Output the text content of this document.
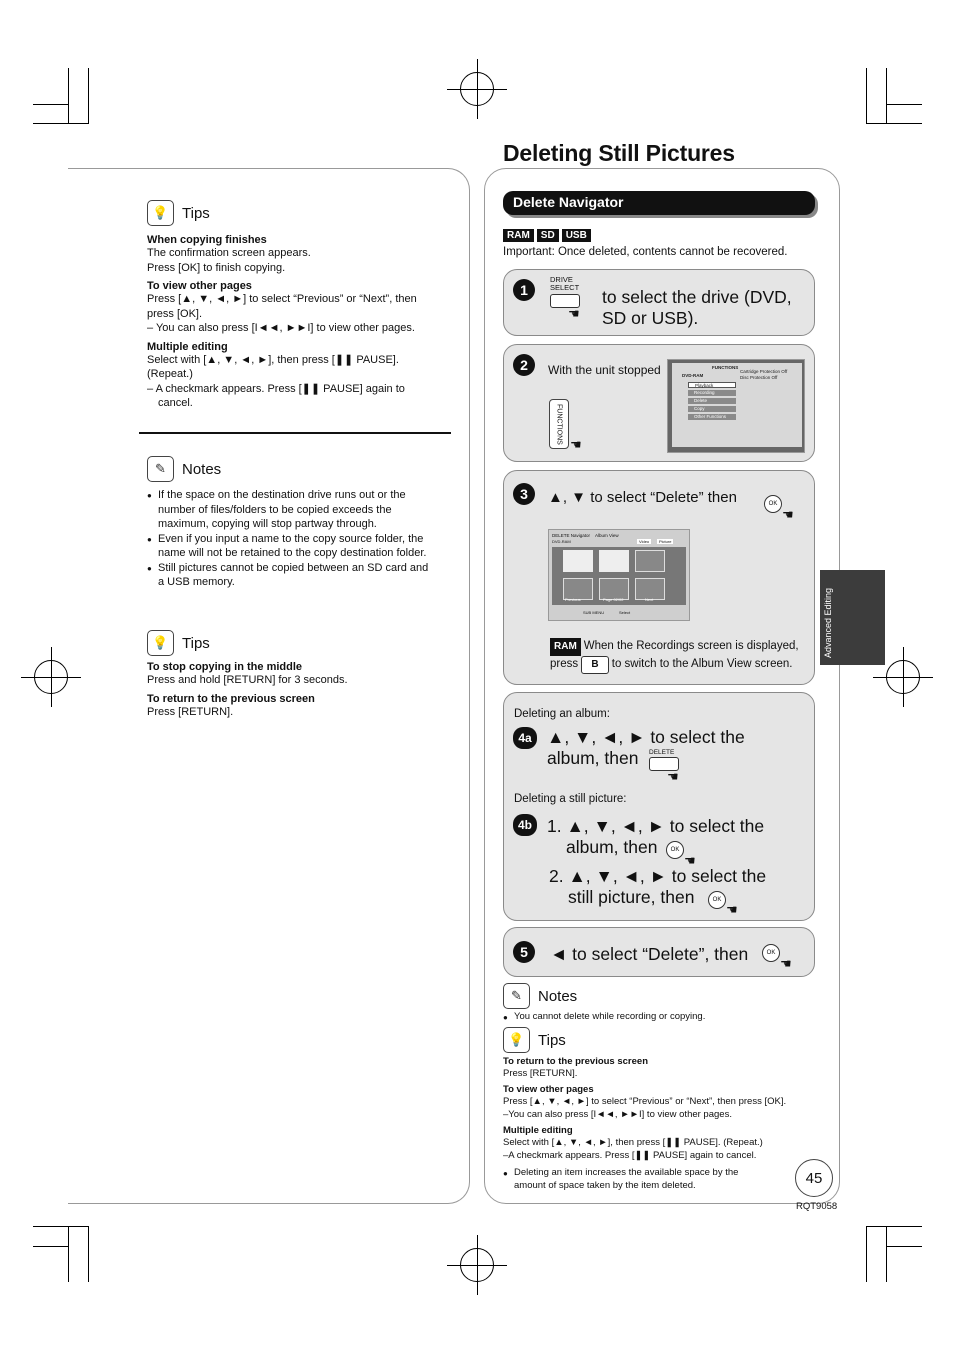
Deleting Still Pictures
💡 Tips
When copying finishes
The confirmation screen appears.
Press [OK] to finish copying.
To view other pages
Press [▲, ▼, ◄, ►] to select “Previous” or “Next”, then press [OK].
– You can also press [I◄◄, ►►I] to view other pages.
Multiple editing
Select with [▲, ▼, ◄, ►], then press [❚❚ PAUSE]. (Repeat.)
– A checkmark appears. Press [❚❚ PAUSE] again to cancel.
✎	Notes
● If the space on the destination drive runs out or the number of files/folders to be copied exceeds the maximum, copying will stop partway through.
● Even if you input a name to the copy source folder, the name will not be retained to the copy destination folder.
● Still pictures cannot be copied between an SD card and a USB memory.
💡 Tips
To stop copying in the middle
Press and hold [RETURN] for 3 seconds.
To return to the previous screen
Press [RETURN].
Delete Navigator
RAM SD USB
Important: Once deleted, contents cannot be recovered.
1
DRIVE
SELECT
☚
to select the drive (DVD, SD or USB).
2	With the unit stopped
FUNCTIONS
☚
FUNCTIONS
DVD-RAM
Cartridge Protection Off
Disc Protection Off
Playback
Recording
Delete
Copy
Other Functions
3	▲, ▼ to select “Delete” then	OK
☚
DELETE Navigator Album View
DVD-RAM	Video	Picture
Previous	Page 02/02	Next
SUB MENU	Select
RAM When the Recordings screen is displayed,
press B to switch to the Album View screen.
Deleting an album:
4a ▲, ▼, ◄, ► to select the
album, then DELETE
☚
Deleting a still picture:
4b 1. ▲, ▼, ◄, ► to select the
album, then	OK
☚
2. ▲, ▼, ◄, ► to select the
still picture, then	OK
☚
5	◄ to select “Delete”, then	OK
☚
✎	Notes
● You cannot delete while recording or copying.
💡 Tips
To return to the previous screen
Press [RETURN].
To view other pages
Press [▲, ▼, ◄, ►] to select “Previous” or “Next”, then press [OK].
–You can also press [I◄◄, ►►I] to view other pages.
Multiple editing
Select with [▲, ▼, ◄, ►], then press [❚❚ PAUSE]. (Repeat.)
–A checkmark appears. Press [❚❚ PAUSE] again to cancel.
● Deleting an item increases the available space by the amount of space taken by the item deleted.
Advanced Editing
45
RQT9058
